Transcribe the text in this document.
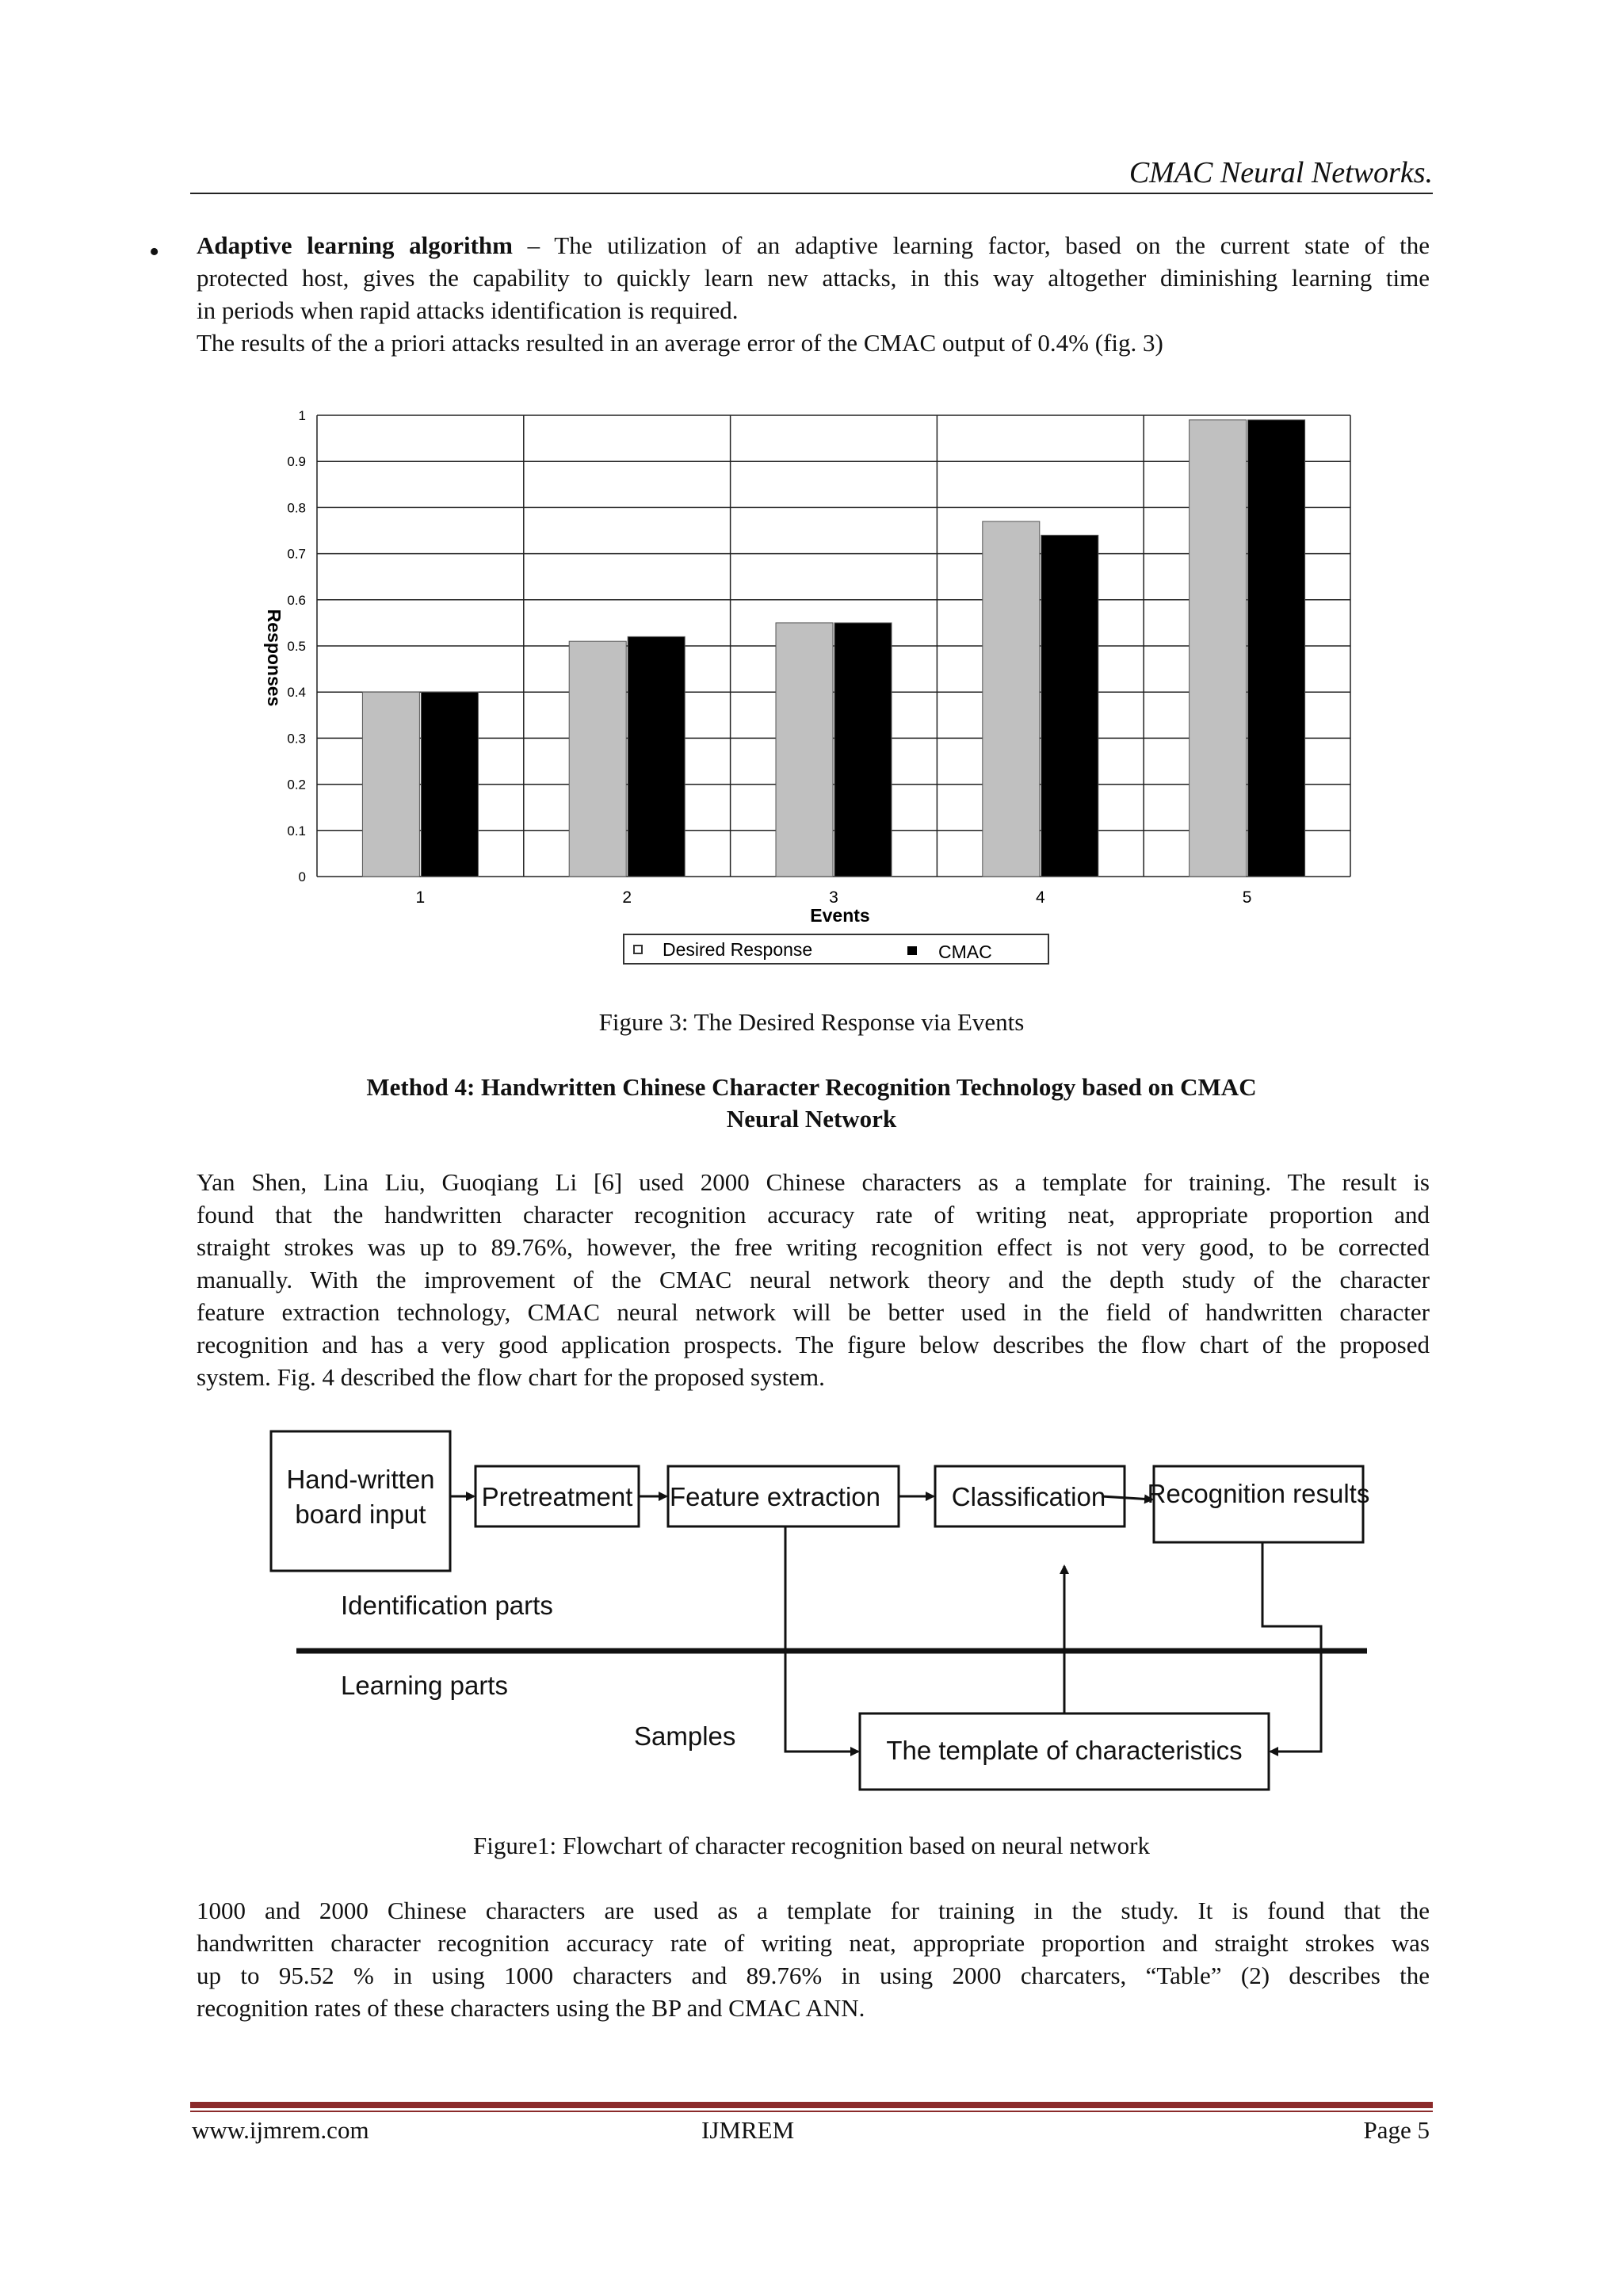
CMAC Neural Networks.
• Adaptive learning algorithm – The utilization of an adaptive learning factor, based on the current state of the
protected host, gives the capability to quickly learn new attacks, in this way altogether diminishing learning time
in periods when rapid attacks identification is required.
The results of the a priori attacks resulted in an average error of the CMAC output of 0.4% (fig. 3)
0
0.1
0.2
0.3
0.4
0.5
0.6
0.7
0.8
0.9
1
1	2	3	4	5
Events
Responses
Desired Response	CMAC
Figure 3: The Desired Response via Events
Method 4: Handwritten Chinese Character Recognition Technology based on CMAC
Neural Network
Yan Shen, Lina Liu, Guoqiang Li [6] used 2000 Chinese characters as a template for training. The result is
found that the handwritten character recognition accuracy rate of writing neat, appropriate proportion and
straight strokes was up to 89.76%, however, the free writing recognition effect is not very good, to be corrected
manually. With the improvement of the CMAC neural network theory and the depth study of the character
feature extraction technology, CMAC neural network will be better used in the field of handwritten character
recognition and has a very good application prospects. The figure below describes the flow chart of the proposed
system. Fig. 4 described the flow chart for the proposed system.
Hand-written
board input
Pretreatment Feature extraction	Classification Recognition results
The template of characteristics
Identification parts
Learning parts
Samples
Figure1: Flowchart of character recognition based on neural network
1000 and 2000 Chinese characters are used as a template for training in the study. It is found that the
handwritten character recognition accuracy rate of writing neat, appropriate proportion and straight strokes was
up to 95.52 % in using 1000 characters and 89.76% in using 2000 charcaters, “Table” (2) describes the
recognition rates of these characters using the BP and CMAC ANN.
www.ijmrem.com	IJMREM	Page 5
